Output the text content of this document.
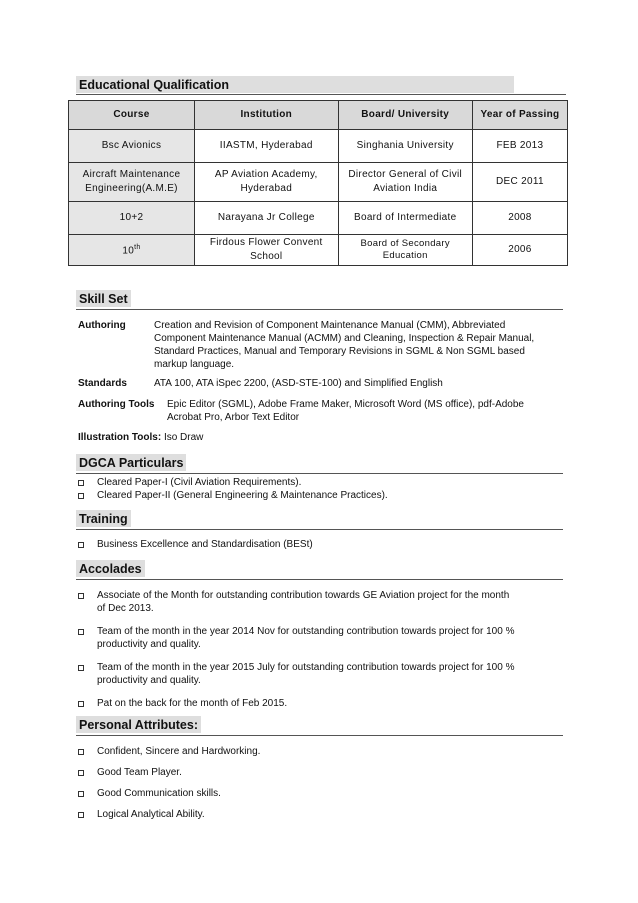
Educational Qualification
Course	Institution	Board/ University	Year of Passing
Bsc Avionics	IIASTM, Hyderabad	Singhania University	FEB 2013
Aircraft Maintenance Engineering(A.M.E)	AP Aviation Academy, Hyderabad	Director General of Civil Aviation India	DEC 2011
10+2	Narayana Jr College	Board of Intermediate	2008
10th	Firdous Flower Convent School	Board of Secondary Education	2006
Skill Set
Authoring	Creation and Revision of Component Maintenance Manual (CMM), Abbreviated
Component Maintenance Manual (ACMM) and Cleaning, Inspection & Repair Manual,
Standard Practices, Manual and Temporary Revisions in SGML & Non SGML based
markup language.
Standards	ATA 100, ATA iSpec 2200, (ASD-STE-100) and Simplified English
Authoring Tools Epic Editor (SGML), Adobe Frame Maker, Microsoft Word (MS office), pdf-Adobe
Acrobat Pro, Arbor Text Editor
Illustration Tools: Iso Draw
DGCA Particulars
Cleared Paper-I (Civil Aviation Requirements).
Cleared Paper-II (General Engineering & Maintenance Practices).
Training
Business Excellence and Standardisation (BESt)
Accolades
Associate of the Month for outstanding contribution towards GE Aviation project for the month
of Dec 2013.
Team of the month in the year 2014 Nov for outstanding contribution towards project for 100 %
productivity and quality.
Team of the month in the year 2015 July for outstanding contribution towards project for 100 %
productivity and quality.
Pat on the back for the month of Feb 2015.
Personal Attributes:
Confident, Sincere and Hardworking.
Good Team Player.
Good Communication skills.
Logical Analytical Ability.
